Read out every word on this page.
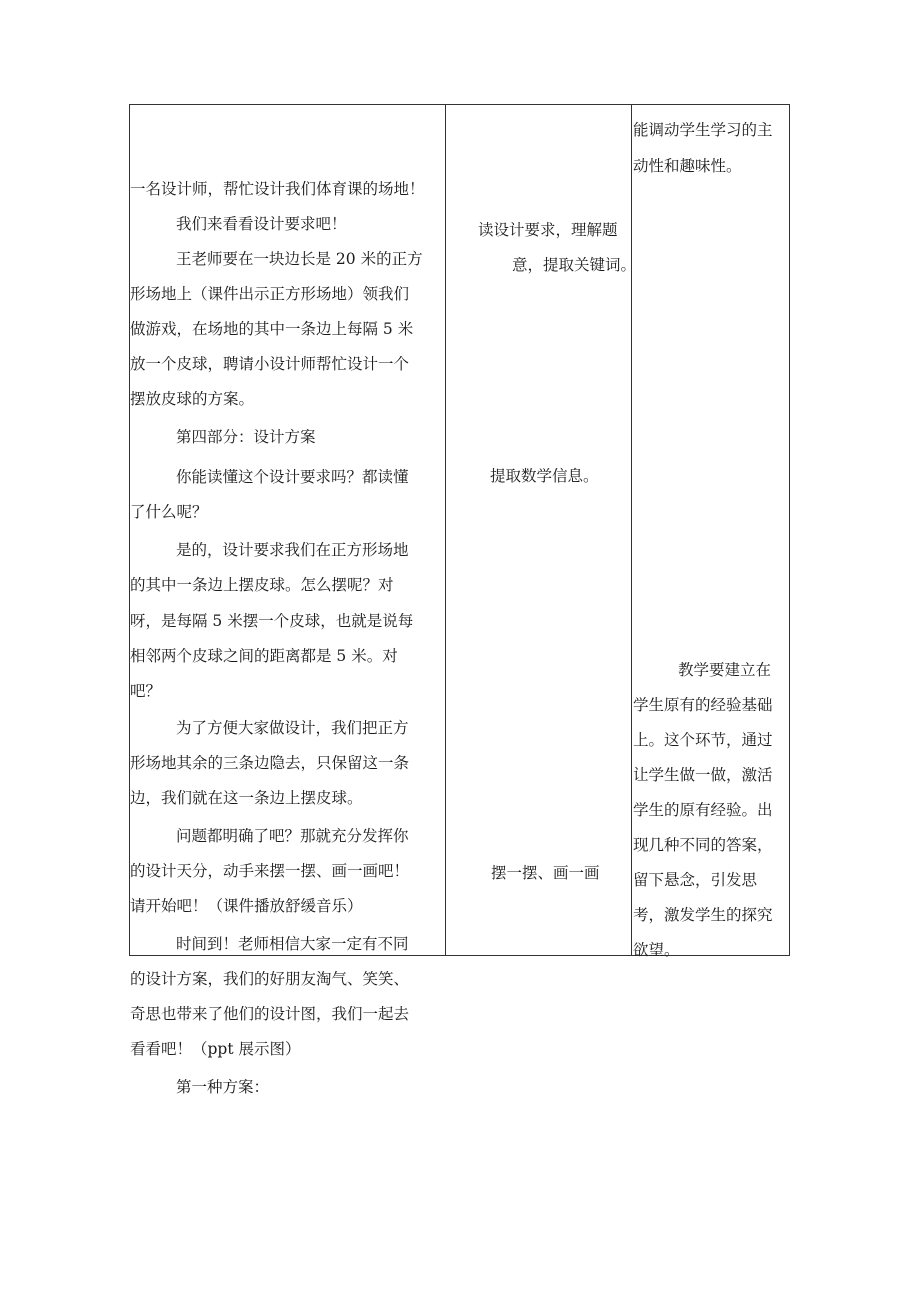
一名设计师，帮忙设计我们体育课的场地！
我们来看看设计要求吧！
王老师要在一块边长是 20 米的正方
形场地上（课件出示正方形场地）领我们
做游戏，在场地的其中一条边上每隔 5 米
放一个皮球，聘请小设计师帮忙设计一个
摆放皮球的方案。
第四部分：设计方案
你能读懂这个设计要求吗？都读懂
了什么呢？
是的，设计要求我们在正方形场地
的其中一条边上摆皮球。怎么摆呢？对
呀，是每隔 5 米摆一个皮球，也就是说每
相邻两个皮球之间的距离都是 5 米。对
吧？
为了方便大家做设计，我们把正方
形场地其余的三条边隐去，只保留这一条
边，我们就在这一条边上摆皮球。
问题都明确了吧？那就充分发挥你
的设计天分，动手来摆一摆、画一画吧！
请开始吧！（课件播放舒缓音乐）
时间到！老师相信大家一定有不同
的设计方案，我们的好朋友淘气、笑笑、
奇思也带来了他们的设计图，我们一起去
看看吧！（ppt 展示图）
第一种方案：
读设计要求，理解题
意，提取关键词。
提取数学信息。
摆一摆、画一画
能调动学生学习的主
动性和趣味性。
教学要建立在
学生原有的经验基础
上。这个环节，通过
让学生做一做，激活
学生的原有经验。出
现几种不同的答案，
留下悬念，引发思
考，激发学生的探究
欲望。
